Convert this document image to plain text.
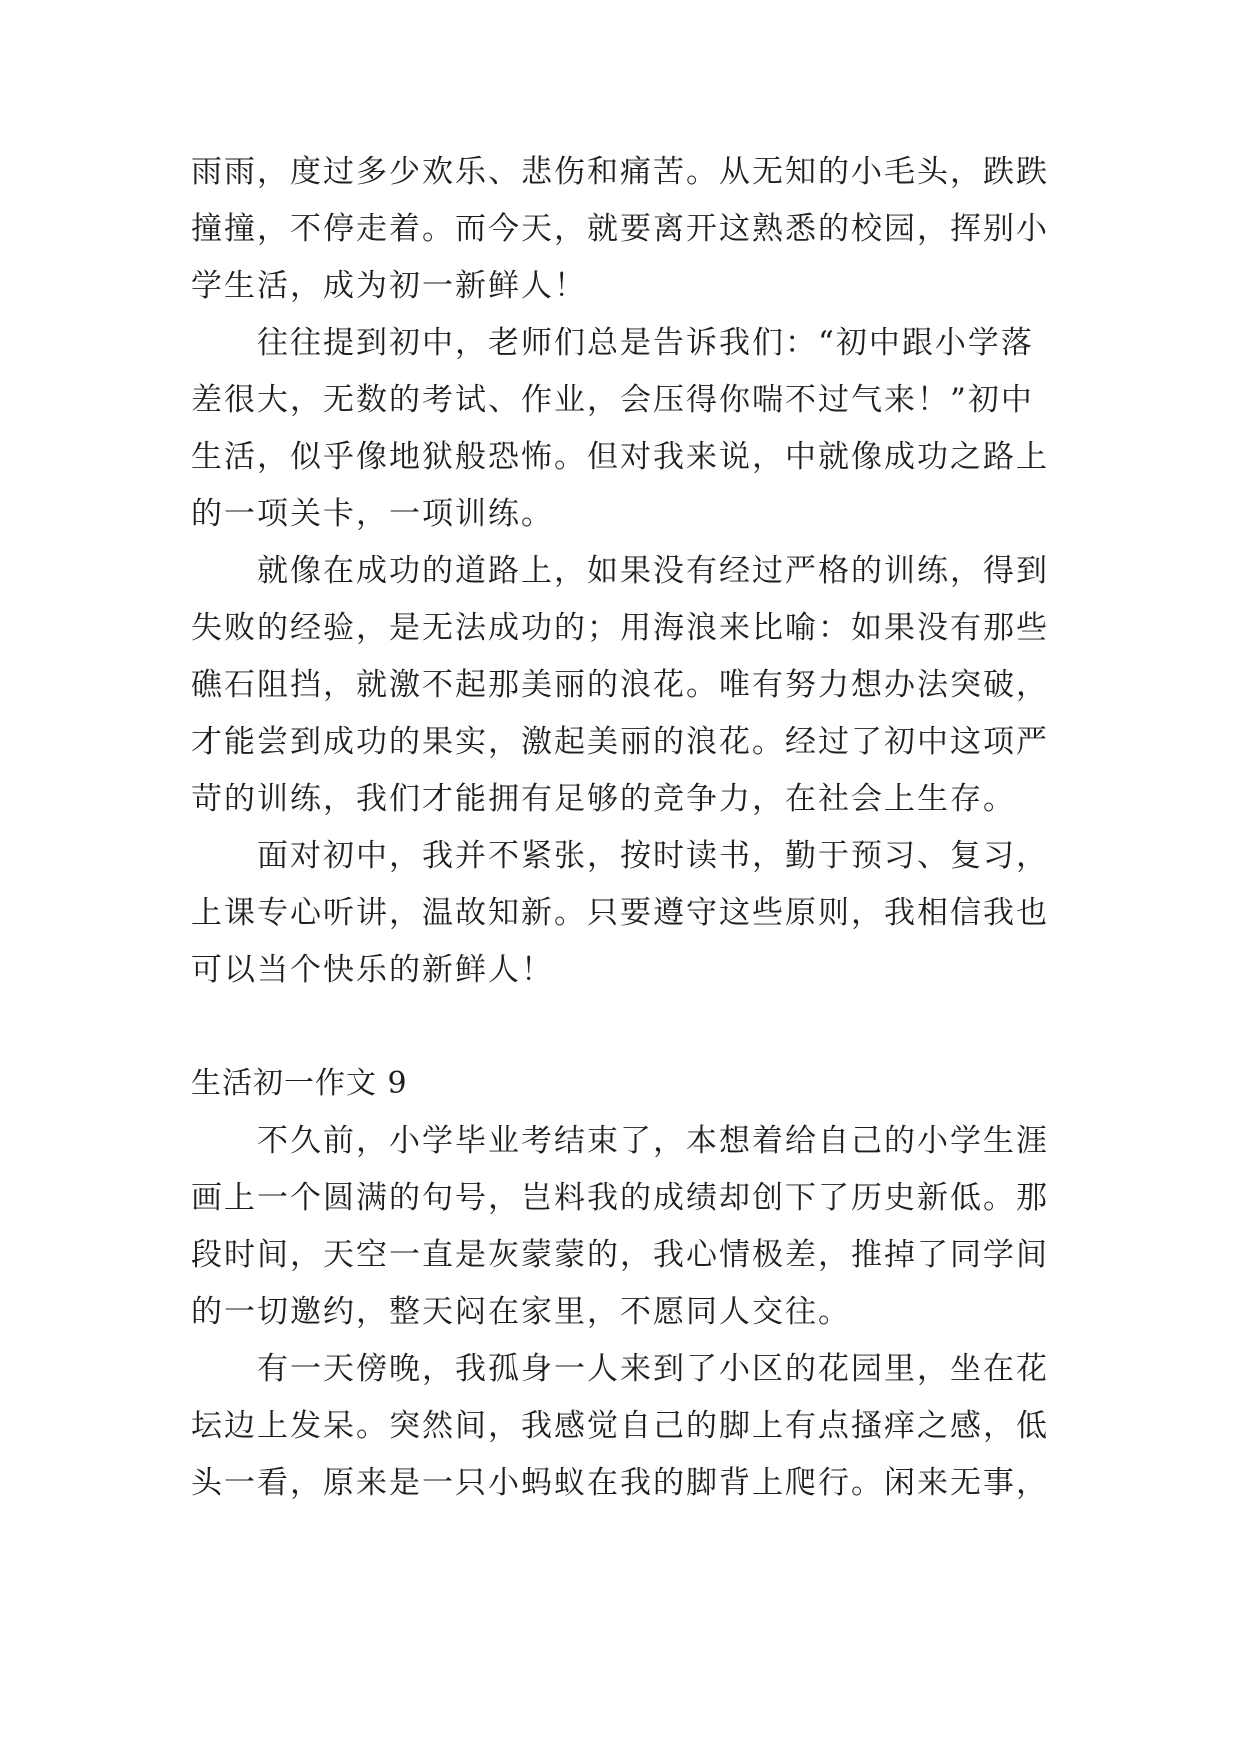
雨雨，度过多少欢乐、悲伤和痛苦。从无知的小毛头，跌跌
撞撞，不停走着。而今天，就要离开这熟悉的校园，挥别小
学生活，成为初一新鲜人！
往往提到初中，老师们总是告诉我们：“初中跟小学落
差很大，无数的考试、作业，会压得你喘不过气来！”初中
生活，似乎像地狱般恐怖。但对我来说，中就像成功之路上
的一项关卡，一项训练。
就像在成功的道路上，如果没有经过严格的训练，得到
失败的经验，是无法成功的；用海浪来比喻：如果没有那些
礁石阻挡，就激不起那美丽的浪花。唯有努力想办法突破，
才能尝到成功的果实，激起美丽的浪花。经过了初中这项严
苛的训练，我们才能拥有足够的竞争力，在社会上生存。
面对初中，我并不紧张，按时读书，勤于预习、复习，
上课专心听讲，温故知新。只要遵守这些原则，我相信我也
可以当个快乐的新鲜人！
生活初一作文 9
不久前，小学毕业考结束了，本想着给自己的小学生涯
画上一个圆满的句号，岂料我的成绩却创下了历史新低。那
段时间，天空一直是灰蒙蒙的，我心情极差，推掉了同学间
的一切邀约，整天闷在家里，不愿同人交往。
有一天傍晚，我孤身一人来到了小区的花园里，坐在花
坛边上发呆。突然间，我感觉自己的脚上有点搔痒之感，低
头一看，原来是一只小蚂蚁在我的脚背上爬行。闲来无事，
